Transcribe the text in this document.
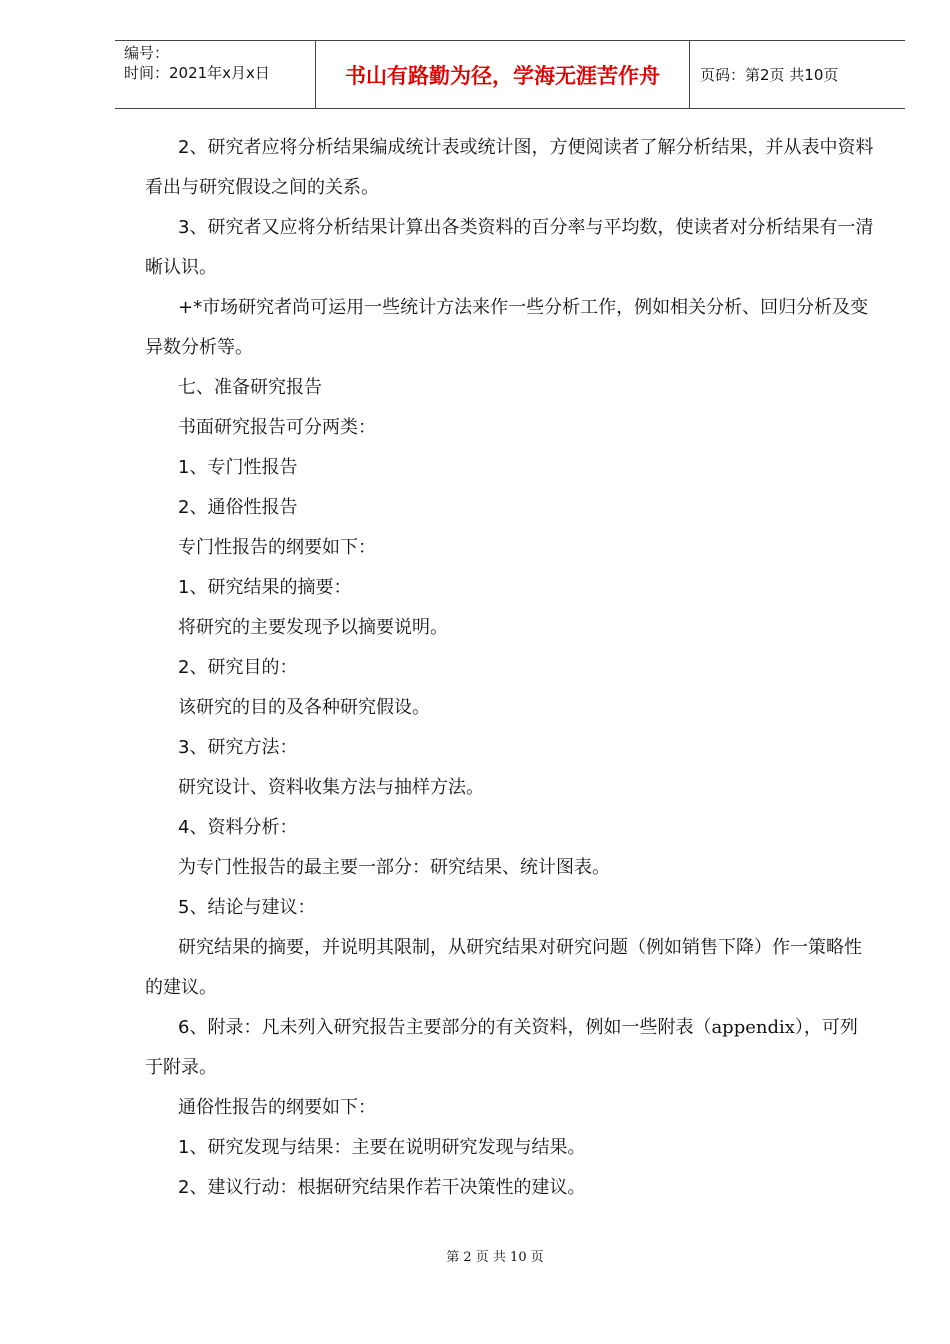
编号：
时间：2021年x月x日	书山有路勤为径，学海无涯苦作舟	页码：第2页 共10页

2、研究者应将分析结果编成统计表或统计图，方便阅读者了解分析结果，并从表中资料看出与研究假设之间的关系。

3、研究者又应将分析结果计算出各类资料的百分率与平均数，使读者对分析结果有一清晰认识。

+*市场研究者尚可运用一些统计方法来作一些分析工作，例如相关分析、回归分析及变异数分析等。

七、准备研究报告

书面研究报告可分两类：

1、专门性报告

2、通俗性报告

专门性报告的纲要如下：

1、研究结果的摘要：

将研究的主要发现予以摘要说明。

2、研究目的：

该研究的目的及各种研究假设。

3、研究方法：

研究设计、资料收集方法与抽样方法。

4、资料分析：

为专门性报告的最主要一部分：研究结果、统计图表。

5、结论与建议：

研究结果的摘要，并说明其限制，从研究结果对研究问题（例如销售下降）作一策略性的建议。

6、附录：凡未列入研究报告主要部分的有关资料，例如一些附表（appendix），可列于附录。

通俗性报告的纲要如下：

1、研究发现与结果：主要在说明研究发现与结果。

2、建议行动：根据研究结果作若干决策性的建议。

第 2 页 共 10 页
